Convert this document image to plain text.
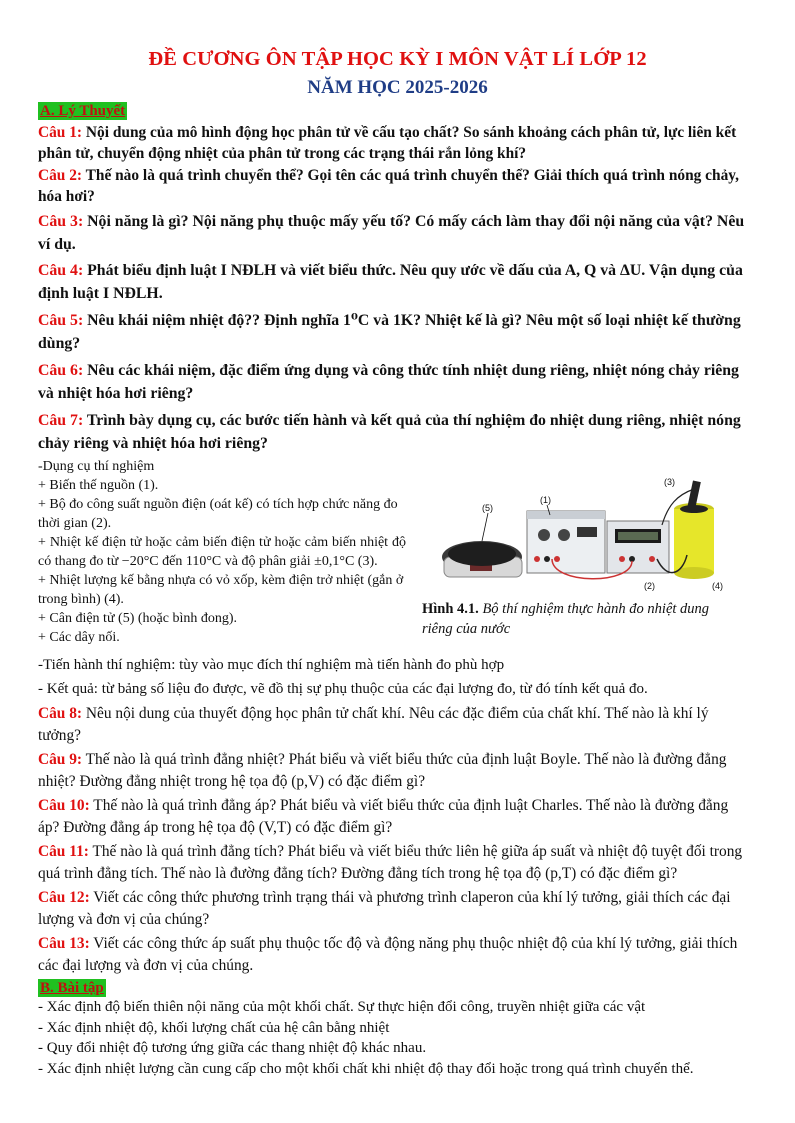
ĐỀ CƯƠNG ÔN TẬP HỌC KỲ I MÔN VẬT LÍ LỚP 12
NĂM HỌC 2025-2026
A. Lý Thuyết
Câu 1: Nội dung của mô hình động học phân tử về cấu tạo chất? So sánh khoảng cách phân tử, lực liên kết phân tử, chuyển động nhiệt của phân tử trong các trạng thái rắn lỏng khí?
Câu 2: Thế nào là quá trình chuyển thể? Gọi tên các quá trình chuyển thể? Giải thích quá trình nóng chảy, hóa hơi?
Câu 3: Nội năng là gì? Nội năng phụ thuộc mấy yếu tố? Có mấy cách làm thay đổi nội năng của vật? Nêu ví dụ.
Câu 4: Phát biểu định luật I NĐLH và viết biểu thức. Nêu quy ước về dấu của A, Q và ΔU. Vận dụng của định luật I NĐLH.
Câu 5: Nêu khái niệm nhiệt độ?? Định nghĩa 1⁰C và 1K? Nhiệt kế là gì? Nêu một số loại nhiệt kế thường dùng?
Câu 6: Nêu các khái niệm, đặc điểm ứng dụng và công thức tính nhiệt dung riêng, nhiệt nóng chảy riêng và nhiệt hóa hơi riêng?
Câu 7: Trình bày dụng cụ, các bước tiến hành và kết quả của thí nghiệm đo nhiệt dung riêng, nhiệt nóng chảy riêng và nhiệt hóa hơi riêng?
-Dụng cụ thí nghiệm
+ Biến thế nguồn (1).
+ Bộ đo công suất nguồn điện (oát kế) có tích hợp chức năng đo thời gian (2).
+ Nhiệt kế điện tử hoặc cảm biến điện tử hoặc cảm biến nhiệt độ có thang đo từ −20°C đến 110°C và độ phân giải ±0,1°C (3).
+ Nhiệt lượng kế bằng nhựa có vỏ xốp, kèm điện trở nhiệt (gắn ở trong bình) (4).
+ Cân điện tử (5) (hoặc bình đong).
+ Các dây nối.
(1)
(2)
(3)
(4)
(5)
Hình 4.1. Bộ thí nghiệm thực hành đo nhiệt dung riêng của nước
-Tiến hành thí nghiệm: tùy vào mục đích thí nghiệm mà tiến hành đo phù hợp
- Kết quả: từ bảng số liệu đo được, vẽ đồ thị sự phụ thuộc của các đại lượng đo, từ đó tính kết quả đo.
Câu 8: Nêu nội dung của thuyết động học phân tử chất khí. Nêu các đặc điểm của chất khí. Thế nào là khí lý tưởng?
Câu 9: Thế nào là quá trình đẳng nhiệt? Phát biểu và viết biểu thức của định luật Boyle. Thế nào là đường đẳng nhiệt? Đường đẳng nhiệt trong hệ tọa độ (p,V) có đặc điểm gì?
Câu 10: Thế nào là quá trình đẳng áp? Phát biểu và viết biểu thức của định luật Charles. Thế nào là đường đẳng áp? Đường đẳng áp trong hệ tọa độ (V,T) có đặc điểm gì?
Câu 11: Thế nào là quá trình đẳng tích? Phát biểu và viết biểu thức liên hệ giữa áp suất và nhiệt độ tuyệt đối trong quá trình đẳng tích. Thế nào là đường đẳng tích? Đường đẳng tích trong hệ tọa độ (p,T) có đặc điểm gì?
Câu 12: Viết các công thức phương trình trạng thái và phương trình claperon của khí lý tưởng, giải thích các đại lượng và đơn vị của chúng?
Câu 13: Viết các công thức áp suất phụ thuộc tốc độ và động năng phụ thuộc nhiệt độ của khí lý tưởng, giải thích các đại lượng và đơn vị của chúng.
B. Bài tập
- Xác định độ biến thiên nội năng của một khối chất. Sự thực hiện đổi công, truyền nhiệt giữa các vật
- Xác định nhiệt độ, khối lượng chất của hệ cân bằng nhiệt
- Quy đổi nhiệt độ tương ứng giữa các thang nhiệt độ khác nhau.
- Xác định nhiệt lượng cần cung cấp cho một khối chất khi nhiệt độ thay đổi hoặc trong quá trình chuyển thể.
